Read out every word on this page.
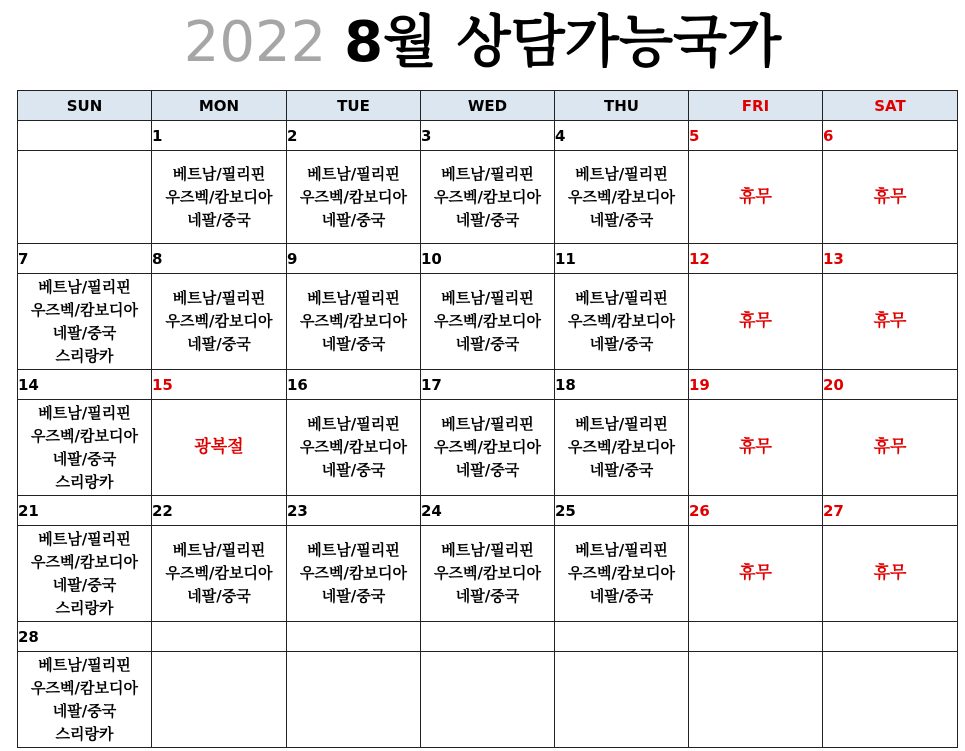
2022 8월 상담가능국가
SUN	MON	TUE	WED	THU	FRI	SAT
	1	2	3	4	5	6

	베트남/필리핀
우즈벡/캄보디아
네팔/중국	베트남/필리핀
우즈벡/캄보디아
네팔/중국	베트남/필리핀
우즈벡/캄보디아
네팔/중국	베트남/필리핀
우즈벡/캄보디아
네팔/중국	휴무	휴무

7	8	9	10	11	12	13

베트남/필리핀
우즈벡/캄보디아
네팔/중국
스리랑카	베트남/필리핀
우즈벡/캄보디아
네팔/중국	베트남/필리핀
우즈벡/캄보디아
네팔/중국	베트남/필리핀
우즈벡/캄보디아
네팔/중국	베트남/필리핀
우즈벡/캄보디아
네팔/중국	휴무	휴무

14	15	16	17	18	19	20

베트남/필리핀
우즈벡/캄보디아
네팔/중국
스리랑카	광복절	베트남/필리핀
우즈벡/캄보디아
네팔/중국	베트남/필리핀
우즈벡/캄보디아
네팔/중국	베트남/필리핀
우즈벡/캄보디아
네팔/중국	휴무	휴무

21	22	23	24	25	26	27

베트남/필리핀
우즈벡/캄보디아
네팔/중국
스리랑카	베트남/필리핀
우즈벡/캄보디아
네팔/중국	베트남/필리핀
우즈벡/캄보디아
네팔/중국	베트남/필리핀
우즈벡/캄보디아
네팔/중국	베트남/필리핀
우즈벡/캄보디아
네팔/중국	휴무	휴무

28						

베트남/필리핀
우즈벡/캄보디아
네팔/중국
스리랑카						
